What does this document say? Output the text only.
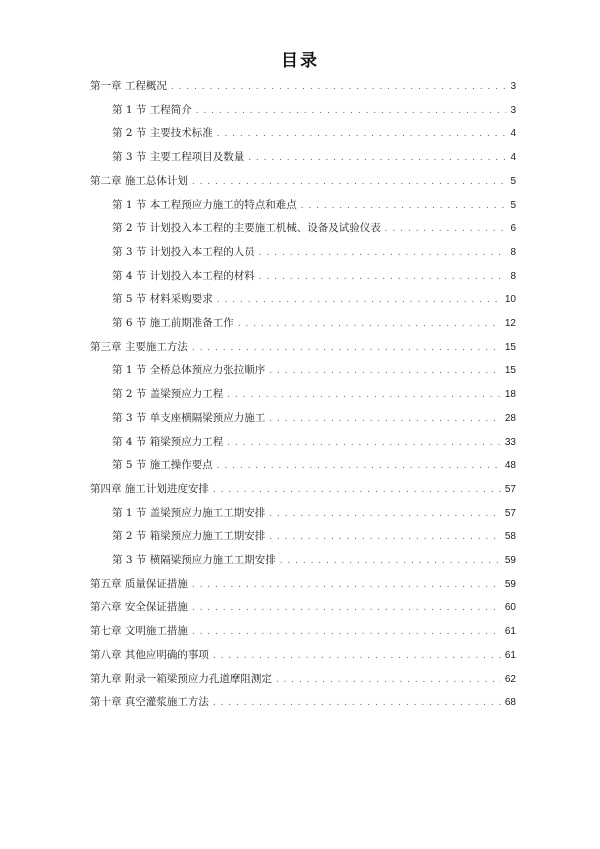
目录
第一章 工程概况 . . .	3
第 1 节 工程简介 . . .	3
第 2 节 主要技术标准 . . .	4
第 3 节 主要工程项目及数量 . . .	4
第二章 施工总体计划 . . .	5
第 1 节 本工程预应力施工的特点和难点 . . .	5
第 2 节 计划投入本工程的主要施工机械、设备及试验仪表 . . .	6
第 3 节 计划投入本工程的人员 . . .	8
第 4 节 计划投入本工程的材料 . . .	8
第 5 节 材料采购要求 . . .	10
第 6 节 施工前期准备工作 . . .	12
第三章 主要施工方法 . . .	15
第 1 节 全桥总体预应力张拉顺序 . . .	15
第 2 节 盖梁预应力工程 . . .	18
第 3 节 单支座横隔梁预应力施工 . . .	28
第 4 节 箱梁预应力工程 . . .	33
第 5 节 施工操作要点 . . .	48
第四章 施工计划进度安排 . . .	57
第 1 节 盖梁预应力施工工期安排 . . .	57
第 2 节 箱梁预应力施工工期安排 . . .	58
第 3 节 横隔梁预应力施工工期安排 . . .	59
第五章 质量保证措施 . . .	59
第六章 安全保证措施 . . .	60
第七章 文明施工措施 . . .	61
第八章 其他应明确的事项 . . .	61
第九章 附录一箱梁预应力孔道摩阻测定 . . .	62
第十章 真空灌浆施工方法 . . .	68
